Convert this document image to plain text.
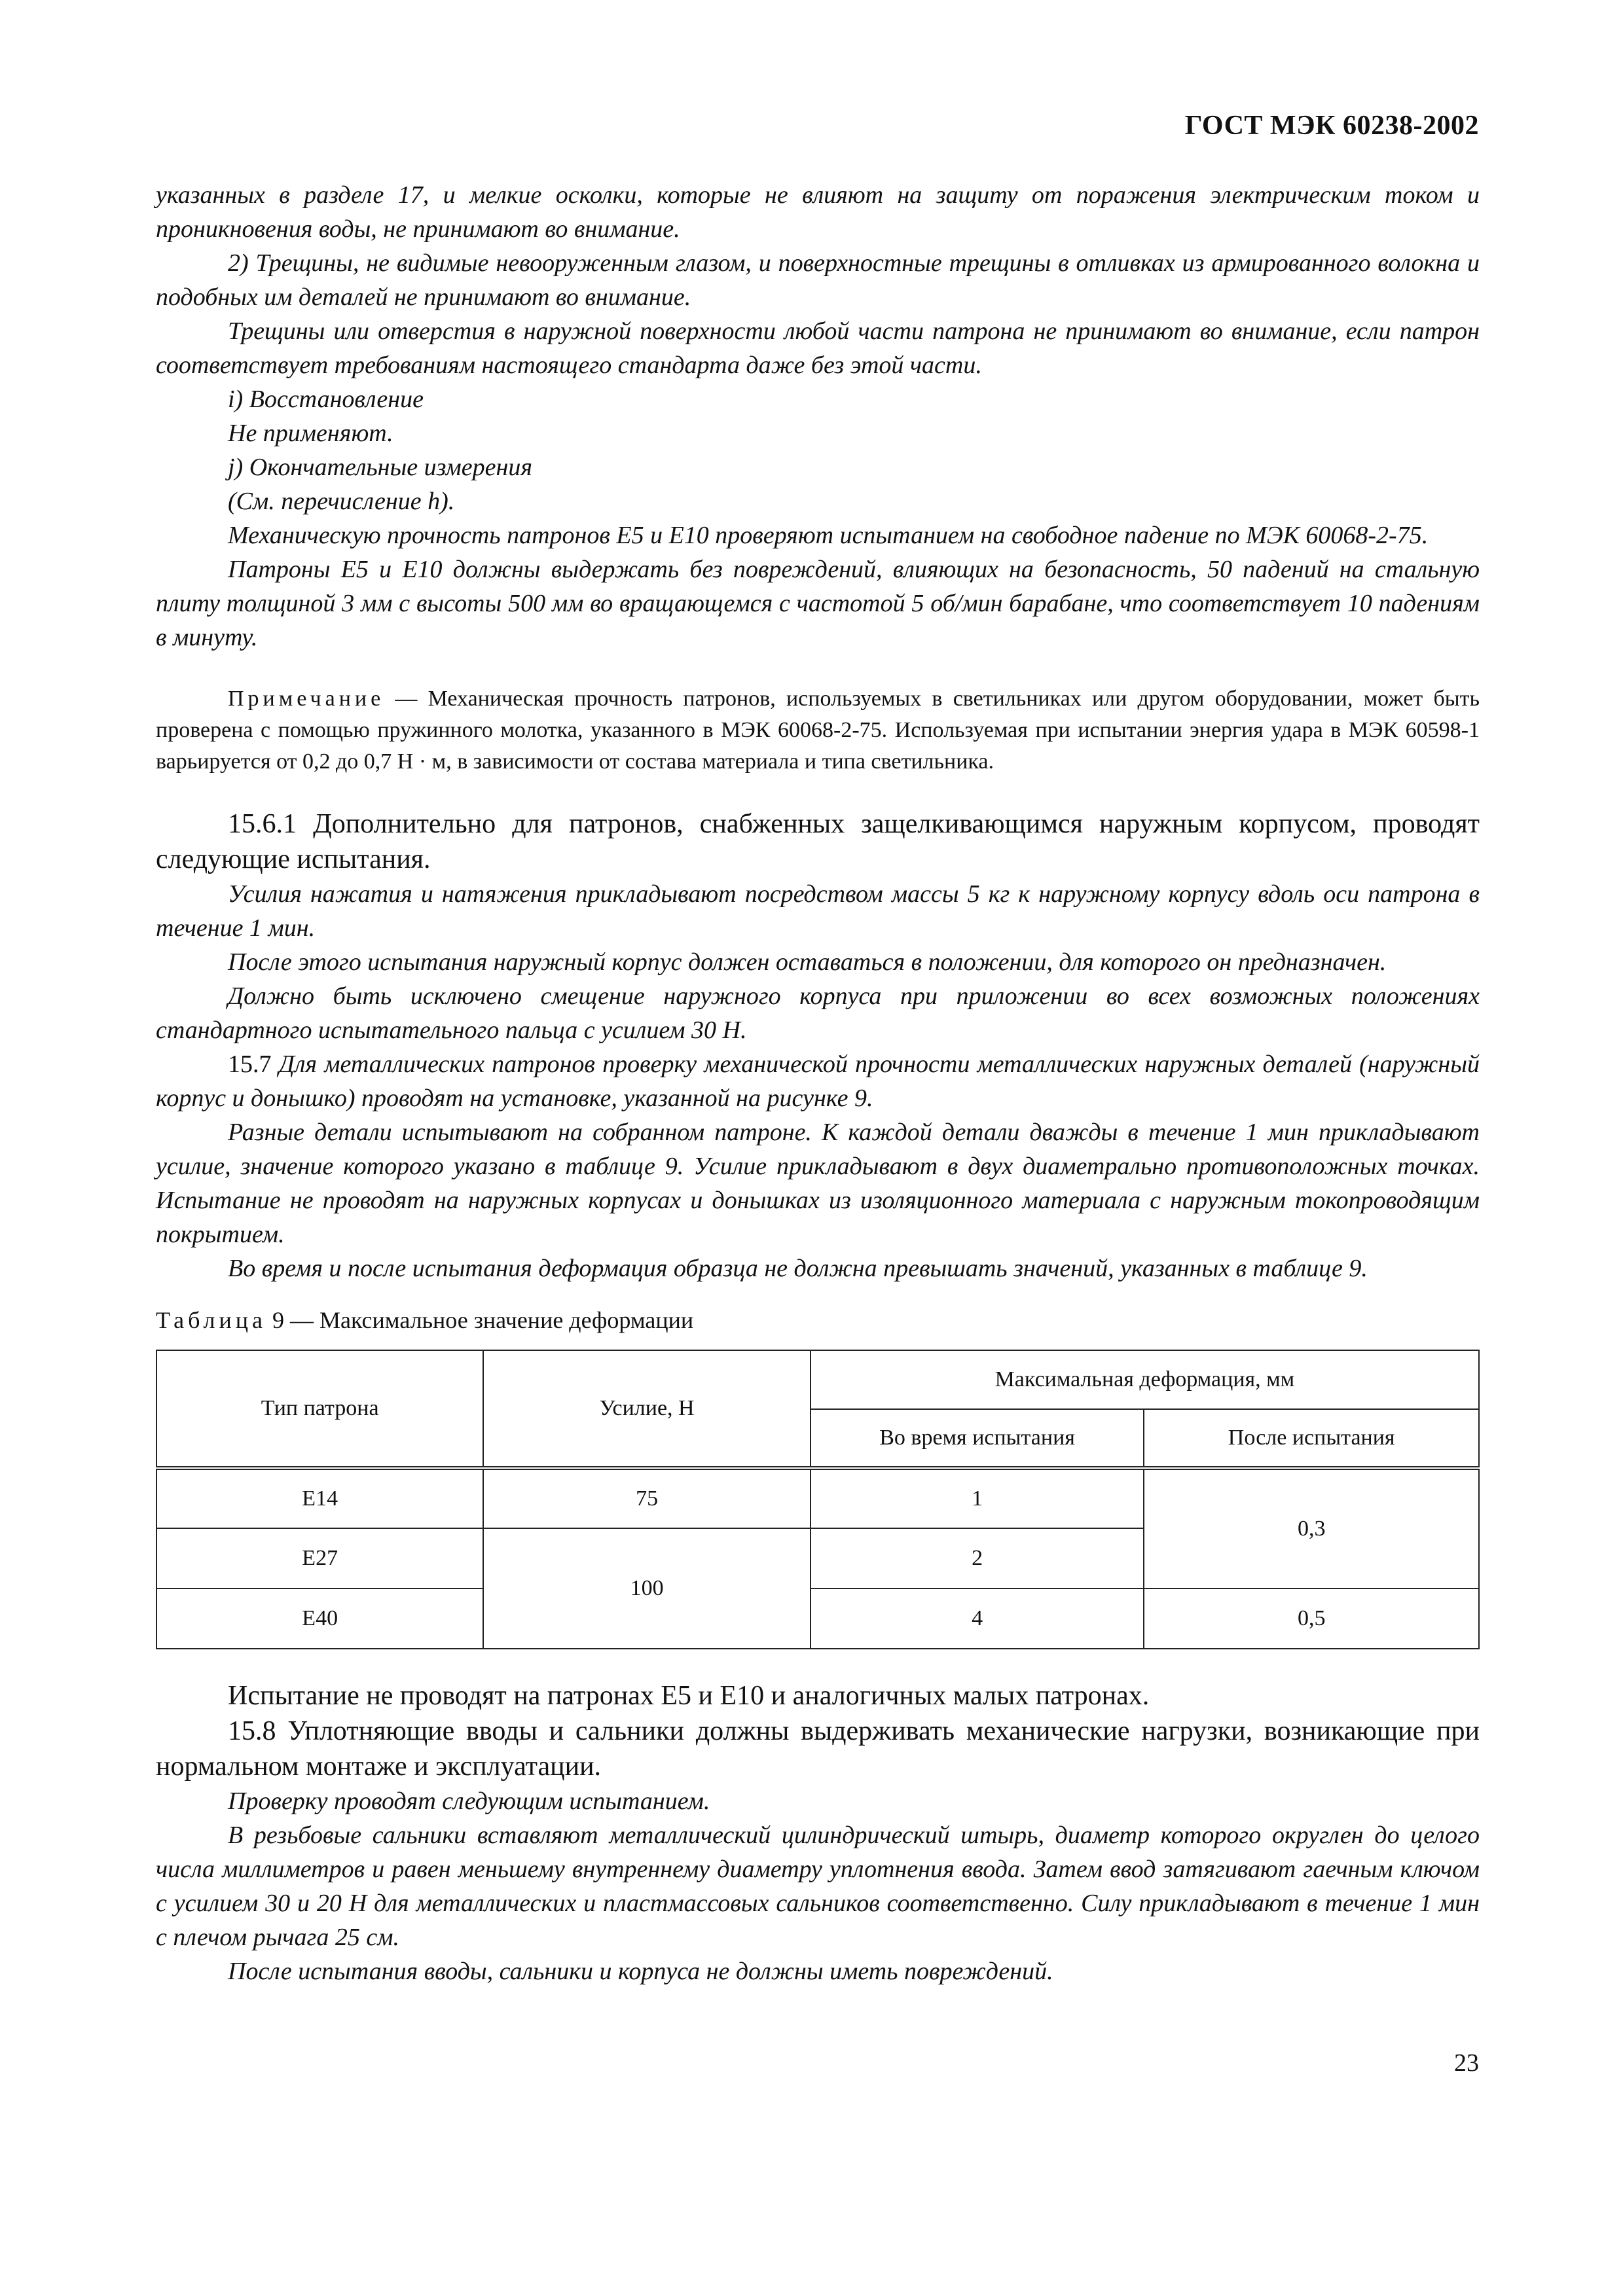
ГОСТ МЭК 60238-2002

указанных в разделе 17, и мелкие осколки, которые не влияют на защиту от поражения электрическим током и проникновения воды, не принимают во внимание.

2) Трещины, не видимые невооруженным глазом, и поверхностные трещины в отливках из армированного волокна и подобных им деталей не принимают во внимание.

Трещины или отверстия в наружной поверхности любой части патрона не принимают во внимание, если патрон соответствует требованиям настоящего стандарта даже без этой части.

i) Восстановление

Не применяют.

j) Окончательные измерения

(См. перечисление h).

Механическую прочность патронов Е5 и Е10 проверяют испытанием на свободное падение по МЭК 60068-2-75.

Патроны Е5 и Е10 должны выдержать без повреждений, влияющих на безопасность, 50 падений на стальную плиту толщиной 3 мм с высоты 500 мм во вращающемся с частотой 5 об/мин барабане, что соответствует 10 падениям в минуту.

Примечание — Механическая прочность патронов, используемых в светильниках или другом оборудовании, может быть проверена с помощью пружинного молотка, указанного в МЭК 60068-2-75. Используемая при испытании энергия удара в МЭК 60598-1 варьируется от 0,2 до 0,7 Н · м, в зависимости от состава материала и типа светильника.

15.6.1 Дополнительно для патронов, снабженных защелкивающимся наружным корпусом, проводят следующие испытания.

Усилия нажатия и натяжения прикладывают посредством массы 5 кг к наружному корпусу вдоль оси патрона в течение 1 мин.

После этого испытания наружный корпус должен оставаться в положении, для которого он предназначен.

Должно быть исключено смещение наружного корпуса при приложении во всех возможных положениях стандартного испытательного пальца с усилием 30 Н.

15.7 Для металлических патронов проверку механической прочности металлических наружных деталей (наружный корпус и донышко) проводят на установке, указанной на рисунке 9.

Разные детали испытывают на собранном патроне. К каждой детали дважды в течение 1 мин прикладывают усилие, значение которого указано в таблице 9. Усилие прикладывают в двух диаметрально противоположных точках. Испытание не проводят на наружных корпусах и донышках из изоляционного материала с наружным токопроводящим покрытием.

Во время и после испытания деформация образца не должна превышать значений, указанных в таблице 9.

Таблица 9 — Максимальное значение деформации

Тип патрона	Усилие, Н	Максимальная деформация, мм	
		Во время испытания	После испытания
Е14	75	1	0,3
Е27	100	2	
Е40		4	0,5

Испытание не проводят на патронах Е5 и Е10 и аналогичных малых патронах.

15.8 Уплотняющие вводы и сальники должны выдерживать механические нагрузки, возникающие при нормальном монтаже и эксплуатации.

Проверку проводят следующим испытанием.

В резьбовые сальники вставляют металлический цилиндрический штырь, диаметр которого округлен до целого числа миллиметров и равен меньшему внутреннему диаметру уплотнения ввода. Затем ввод затягивают гаечным ключом с усилием 30 и 20 Н для металлических и пластмассовых сальников соответственно. Силу прикладывают в течение 1 мин с плечом рычага 25 см.

После испытания вводы, сальники и корпуса не должны иметь повреждений.

23
